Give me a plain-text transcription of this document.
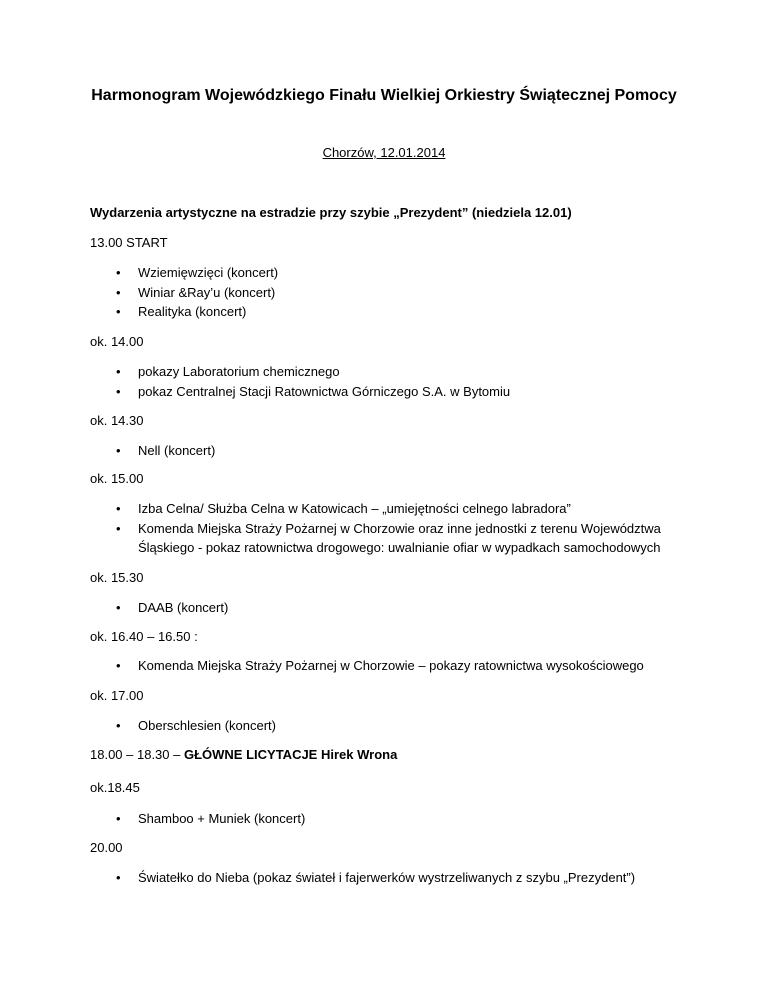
Harmonogram Wojewódzkiego Finału Wielkiej Orkiestry Świątecznej Pomocy
Chorzów, 12.01.2014
Wydarzenia artystyczne na estradzie przy szybie „Prezydent” (niedziela 12.01)
13.00 START
• Wziemięwzięci (koncert)
• Winiar &Ray’u (koncert)
• Realityka (koncert)
ok. 14.00
• pokazy Laboratorium chemicznego
• pokaz Centralnej Stacji Ratownictwa Górniczego S.A. w Bytomiu
ok. 14.30
• Nell (koncert)
ok. 15.00
• Izba Celna/ Służba Celna w Katowicach – „umiejętności celnego labradora”
• Komenda Miejska Straży Pożarnej w Chorzowie oraz inne jednostki z terenu Województwa Śląskiego - pokaz ratownictwa drogowego: uwalnianie ofiar w wypadkach samochodowych
ok. 15.30
• DAAB (koncert)
ok. 16.40 – 16.50 :
• Komenda Miejska Straży Pożarnej w Chorzowie – pokazy ratownictwa wysokościowego
ok. 17.00
• Oberschlesien (koncert)
18.00 – 18.30 – GŁÓWNE LICYTACJE Hirek Wrona
ok.18.45
• Shamboo + Muniek (koncert)
20.00
• Światełko do Nieba (pokaz świateł i fajerwerków wystrzeliwanych z szybu „Prezydent”)
